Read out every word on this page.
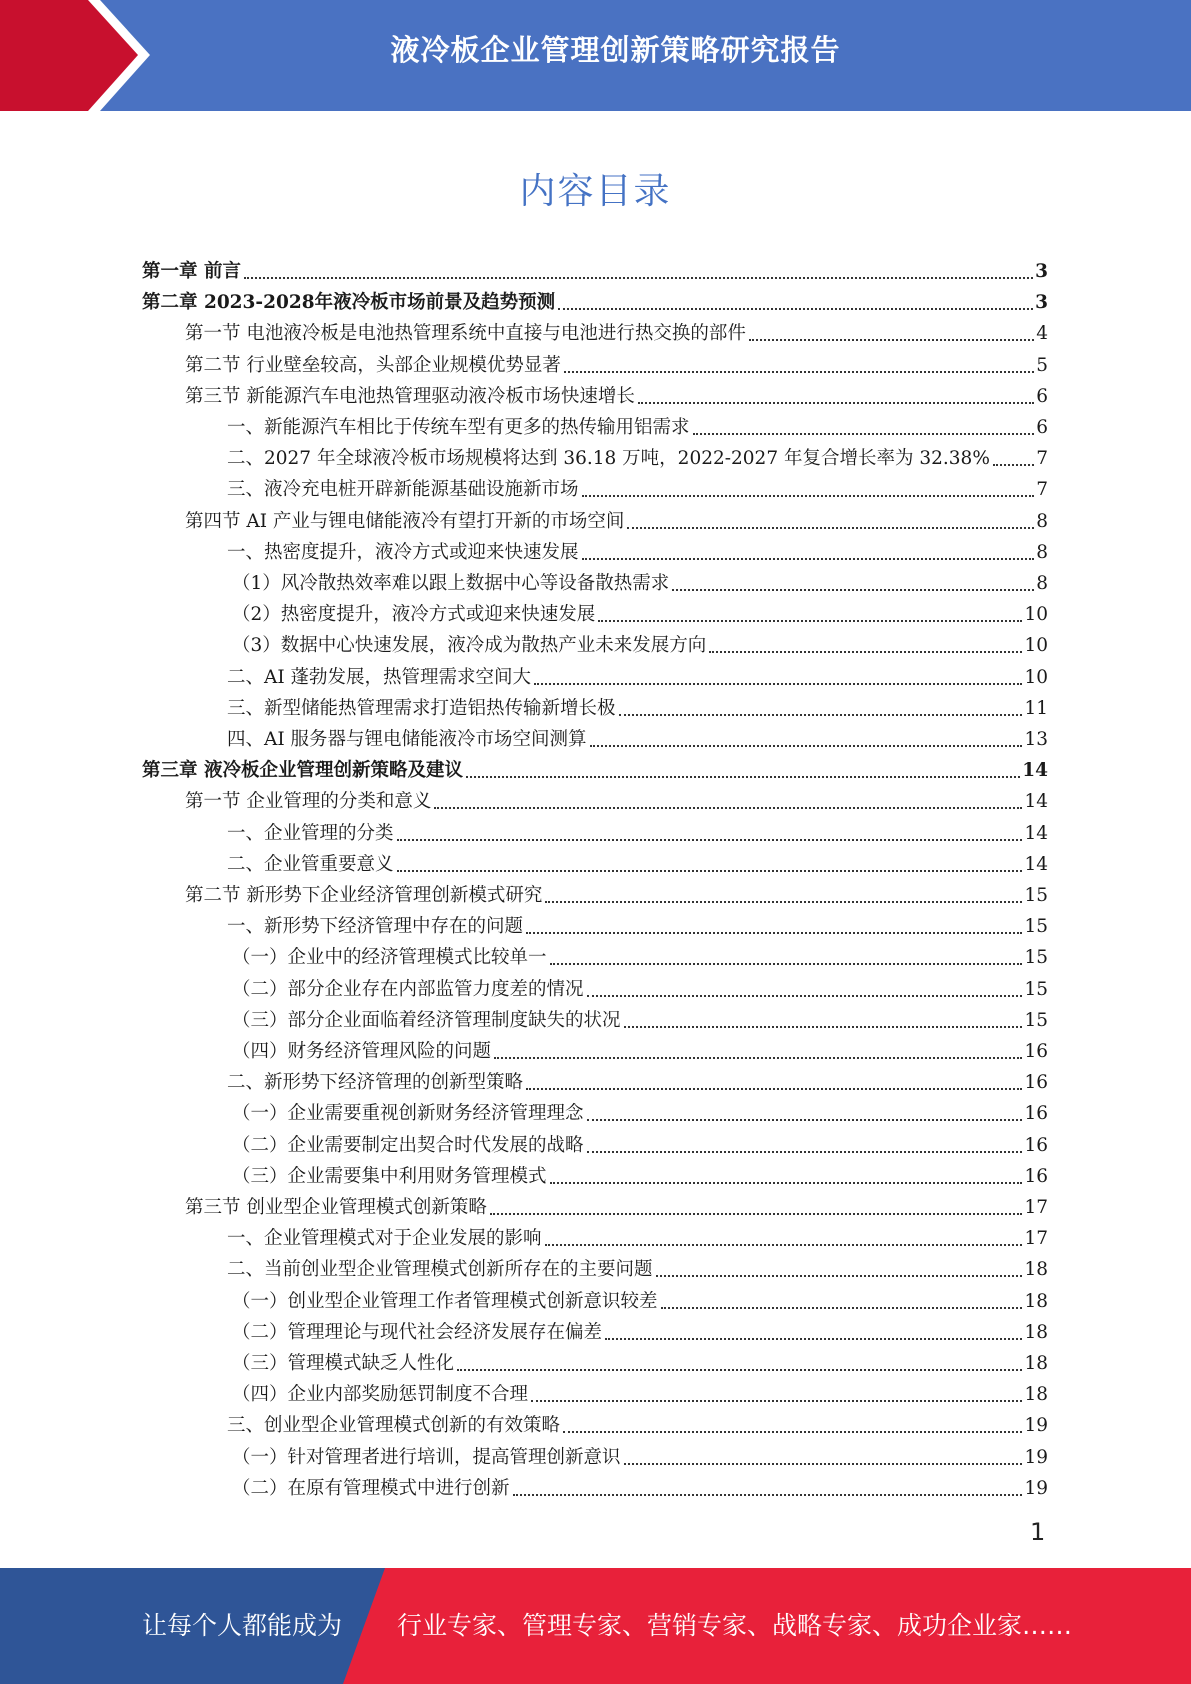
液冷板企业管理创新策略研究报告
内容目录
第一章 前言	3
第二章 2023-2028年液冷板市场前景及趋势预测	3
第一节 电池液冷板是电池热管理系统中直接与电池进行热交换的部件	4
第二节 行业壁垒较高，头部企业规模优势显著	5
第三节 新能源汽车电池热管理驱动液冷板市场快速增长	6
一、新能源汽车相比于传统车型有更多的热传输用铝需求	6
二、2027 年全球液冷板市场规模将达到 36.18 万吨，2022-2027 年复合增长率为 32.38%	7
三、液冷充电桩开辟新能源基础设施新市场	7
第四节 AI 产业与锂电储能液冷有望打开新的市场空间	8
一、热密度提升，液冷方式或迎来快速发展	8
（1）风冷散热效率难以跟上数据中心等设备散热需求	8
（2）热密度提升，液冷方式或迎来快速发展	10
（3）数据中心快速发展，液冷成为散热产业未来发展方向	10
二、AI 蓬勃发展，热管理需求空间大	10
三、新型储能热管理需求打造铝热传输新增长极	11
四、AI 服务器与锂电储能液冷市场空间测算	13
第三章 液冷板企业管理创新策略及建议	14
第一节 企业管理的分类和意义	14
一、企业管理的分类	14
二、企业管重要意义	14
第二节 新形势下企业经济管理创新模式研究	15
一、新形势下经济管理中存在的问题	15
（一）企业中的经济管理模式比较单一	15
（二）部分企业存在内部监管力度差的情况	15
（三）部分企业面临着经济管理制度缺失的状况	15
（四）财务经济管理风险的问题	16
二、新形势下经济管理的创新型策略	16
（一）企业需要重视创新财务经济管理理念	16
（二）企业需要制定出契合时代发展的战略	16
（三）企业需要集中利用财务管理模式	16
第三节 创业型企业管理模式创新策略	17
一、企业管理模式对于企业发展的影响	17
二、当前创业型企业管理模式创新所存在的主要问题	18
（一）创业型企业管理工作者管理模式创新意识较差	18
（二）管理理论与现代社会经济发展存在偏差	18
（三）管理模式缺乏人性化	18
（四）企业内部奖励惩罚制度不合理	18
三、创业型企业管理模式创新的有效策略	19
（一）针对管理者进行培训，提高管理创新意识	19
（二）在原有管理模式中进行创新	19
1
让每个人都能成为 行业专家、管理专家、营销专家、战略专家、成功企业家……
